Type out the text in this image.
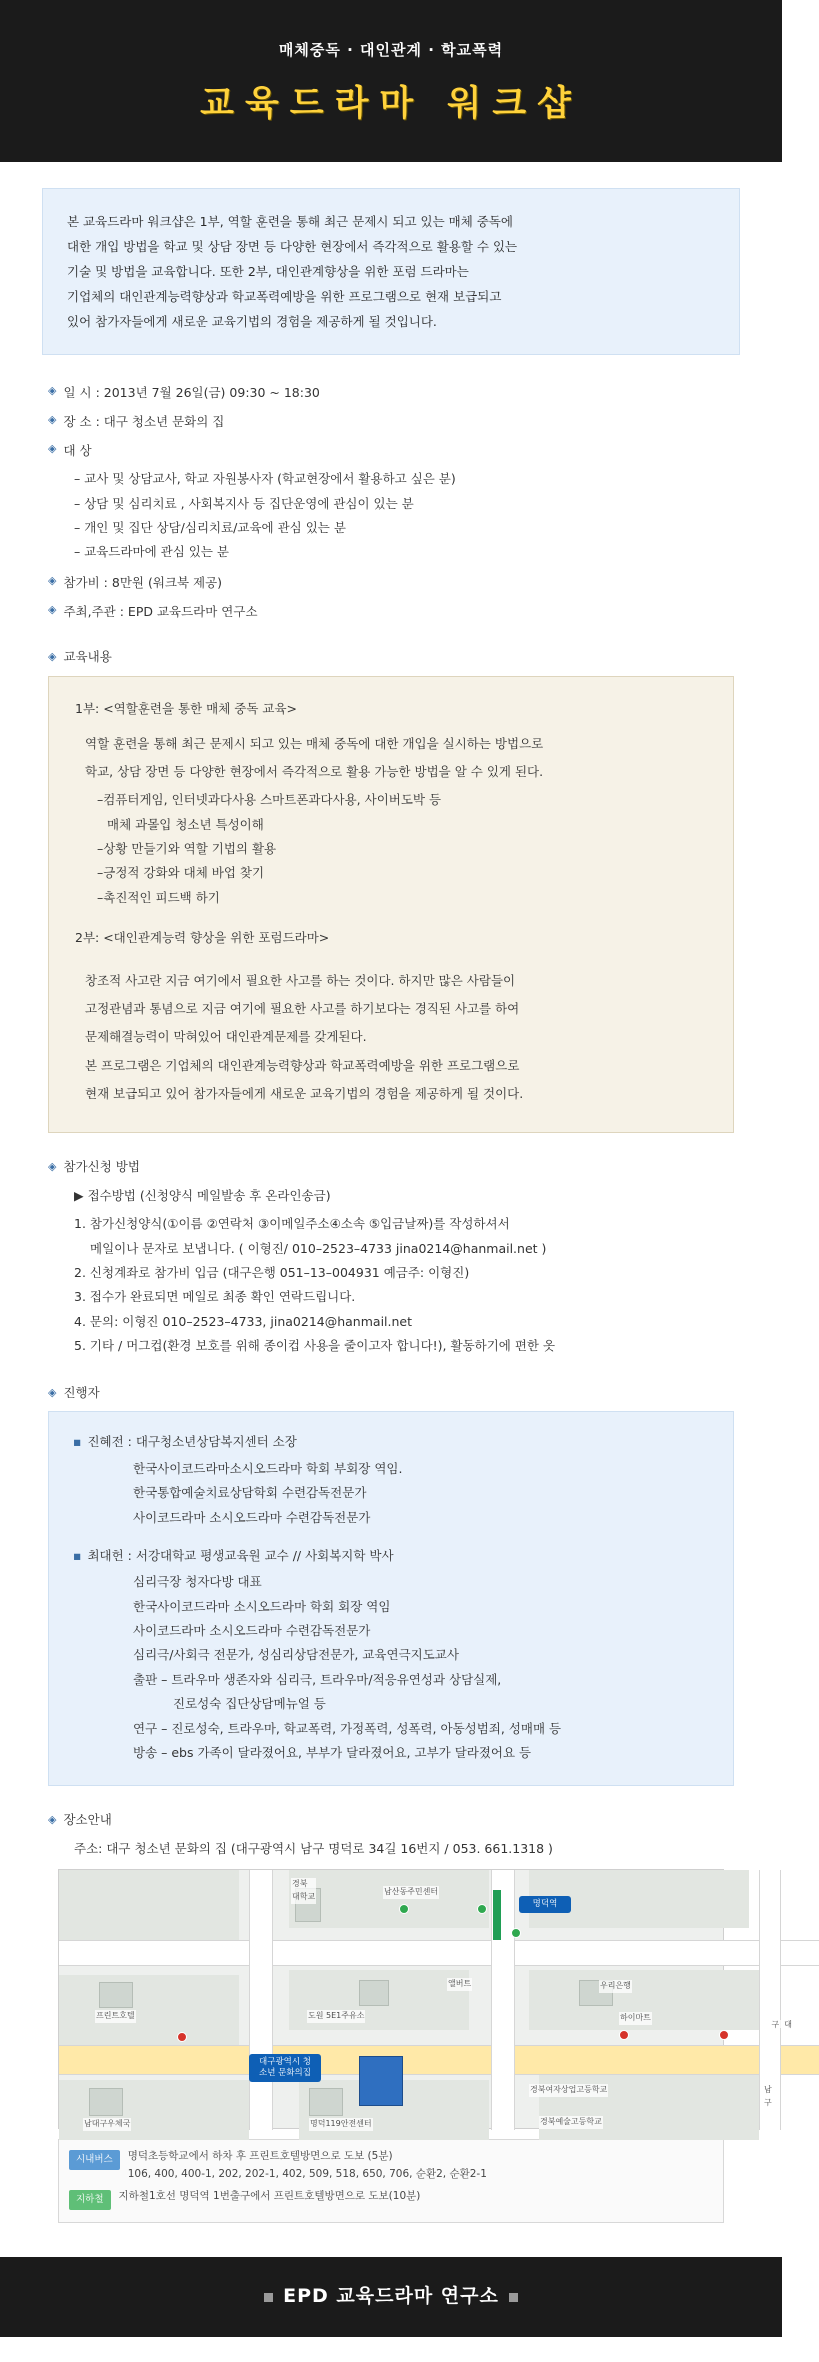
매체중독 · 대인관계 · 학교폭력
교육드라마 워크샵
본 교육드라마 워크샵은 1부, 역할 훈련을 통해 최근 문제시 되고 있는 매체 중독에
대한 개입 방법을 학교 및 상담 장면 등 다양한 현장에서 즉각적으로 활용할 수 있는
기술 및 방법을 교육합니다. 또한 2부, 대인관계향상을 위한 포럼 드라마는
기업체의 대인관계능력향상과 학교폭력예방을 위한 프로그램으로 현재 보급되고
있어 참가자들에게 새로운 교육기법의 경험을 제공하게 될 것입니다.
◈ 일 시 : 2013년 7월 26일(금) 09:30 ~ 18:30
◈ 장 소 : 대구 청소년 문화의 집
◈ 대 상
– 교사 및 상담교사, 학교 자원봉사자 (학교현장에서 활용하고 싶은 분)
– 상담 및 심리치료 , 사회복지사 등 집단운영에 관심이 있는 분
– 개인 및 집단 상담/심리치료/교육에 관심 있는 분
– 교육드라마에 관심 있는 분
◈ 참가비 : 8만원 (워크북 제공)
◈ 주최,주관 : EPD 교육드라마 연구소
◈ 교육내용
1부: <역할훈련을 통한 매체 중독 교육>
역할 훈련을 통해 최근 문제시 되고 있는 매체 중독에 대한 개입을 실시하는 방법으로
학교, 상담 장면 등 다양한 현장에서 즉각적으로 활용 가능한 방법을 알 수 있게 된다.
–컴퓨터게임, 인터넷과다사용 스마트폰과다사용, 사이버도박 등
매체 과몰입 청소년 특성이해
–상황 만들기와 역할 기법의 활용
–긍정적 강화와 대체 바업 찾기
–촉진적인 피드백 하기
2부: <대인관계능력 향상을 위한 포럼드라마>
창조적 사고란 지금 여기에서 필요한 사고를 하는 것이다. 하지만 많은 사람들이
고정관념과 통념으로 지금 여기에 필요한 사고를 하기보다는 경직된 사고를 하여
문제해결능력이 막혀있어 대인관계문제를 갖게된다.
본 프로그램은 기업체의 대인관계능력향상과 학교폭력예방을 위한 프로그램으로
현재 보급되고 있어 참가자들에게 새로운 교육기법의 경험을 제공하게 될 것이다.
◈ 참가신청 방법
▶ 접수방법 (신청양식 메일발송 후 온라인송금)
1. 참가신청양식(①이름 ②연락처 ③이메일주소④소속 ⑤입금날짜)를 작성하셔서
메일이나 문자로 보냅니다. ( 이형진/ 010–2523–4733 jina0214@hanmail.net )
2. 신청계좌로 참가비 입금 (대구은행 051–13–004931 예금주: 이형진)
3. 접수가 완료되면 메일로 최종 확인 연락드립니다.
4. 문의: 이형진 010–2523–4733, jina0214@hanmail.net
5. 기타 / 머그컵(환경 보호를 위해 종이컵 사용을 줄이고자 합니다!), 활동하기에 편한 옷
◈ 진행자
▪ 진혜전 : 대구청소년상담복지센터 소장
한국사이코드라마소시오드라마 학회 부회장 역임.
한국통합예술치료상담학회 수련감독전문가
사이코드라마 소시오드라마 수련감독전문가
▪ 최대헌 : 서강대학교 평생교육원 교수 // 사회복지학 박사
심리극장 청자다방 대표
한국사이코드라마 소시오드라마 학회 회장 역임
사이코드라마 소시오드라마 수련감독전문가
심리극/사회극 전문가, 성심리상담전문가, 교육연극지도교사
출판 – 트라우마 생존자와 심리극, 트라우마/적응유연성과 상담실제,
진로성숙 집단상담메뉴얼 등
연구 – 진로성숙, 트라우마, 학교폭력, 가정폭력, 성폭력, 아동성범죄, 성매매 등
방송 – ebs 가족이 달라졌어요, 부부가 달라졌어요, 고부가 달라졌어요 등
◈ 장소안내
주소: 대구 청소년 문화의 집 (대구광역시 남구 명덕로 34길 16번지 / 053. 661.1318 )
명덕역
대구광역시 청소년 문화의집
경북
대학교
남산동주민센터
우리은행
하이마트
프린트호텔	도원 5E1주유소
경북여자상업고등학교
경북예술고등학교
남대구우체국	명덕119안전센터
앨버트
대
구
남
구
시내버스	명덕초등학교에서 하차 후 프린트호텔방면으로 도보 (5분)
106, 400, 400-1, 202, 202-1, 402, 509, 518, 650, 706, 순환2, 순환2-1
지하철	지하철1호선 명덕역 1번출구에서 프린트호텔방면으로 도보(10분)
EPD 교육드라마 연구소
